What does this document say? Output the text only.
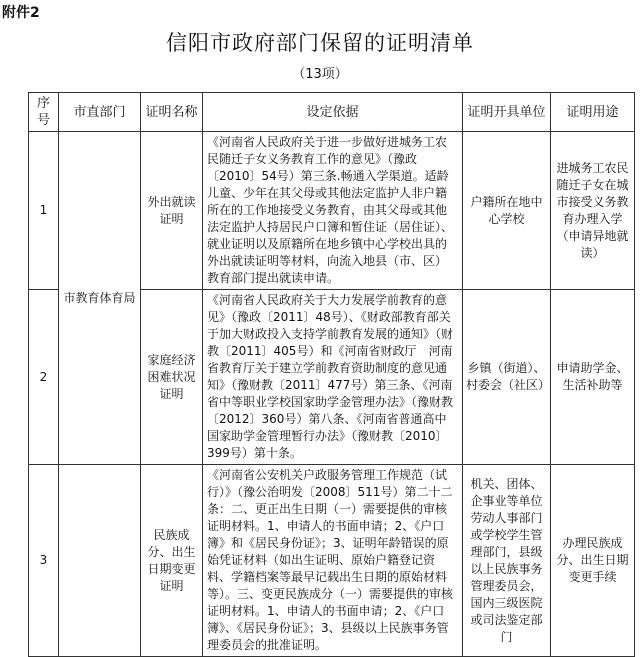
附件2
信阳市政府部门保留的证明清单
（13项）
序号	市直部门	证明名称	设定依据	证明开具单位	证明用途
1	市教育体育局	外出就读证明	《河南省人民政府关于进一步做好进城务工农民随迁子女义务教育工作的意见》（豫政〔2010〕54号）第三条.畅通入学渠道。适龄儿童、少年在其父母或其他法定监护人非户籍所在的工作地接受义务教育，由其父母或其他法定监护人持居民户口簿和暂住证（居住证）、就业证明以及原籍所在地乡镇中心学校出具的外出就读证明等材料，向流入地县（市、区）教育部门提出就读申请。	户籍所在地中心学校	进城务工农民随迁子女在城市接受义务教育办理入学（申请异地就读）
2		家庭经济困难状况证明	《河南省人民政府关于大力发展学前教育的意见》（豫政〔2011〕48号）、《财政部教育部关于加大财政投入支持学前教育发展的通知》（财教〔2011〕405号）和《河南省财政厅　河南省教育厅关于建立学前教育资助制度的意见通知》（豫财教〔2011〕477号）第三条、《河南省中等职业学校国家助学金管理办法》（豫财教〔2012〕360号）第八条、《河南省普通高中国家助学金管理暂行办法》（豫财教〔2010〕399号）第十条。	乡镇（街道）、村委会（社区）	申请助学金、生活补助等
3		民族成分、出生日期变更证明	《河南省公安机关户政服务管理工作规范（试行）》（豫公治明发〔2008〕511号）第二十二条：二、更正出生日期（一）需要提供的审核证明材料。1、申请人的书面申请；2、《户口簿》和《居民身份证》；3、证明年龄错误的原始凭证材料（如出生证明、原始户籍登记资料、学籍档案等最早记载出生日期的原始材料等）。三、变更民族成分（一）需要提供的审核证明材料。1、申请人的书面申请；2、《户口簿》、《居民身份证》；3、县级以上民族事务管理委员会的批准证明。	机关、团体、企事业等单位劳动人事部门或学校学生管理部门，县级以上民族事务管理委员会，国内三级医院或司法鉴定部门	办理民族成分、出生日期变更手续
